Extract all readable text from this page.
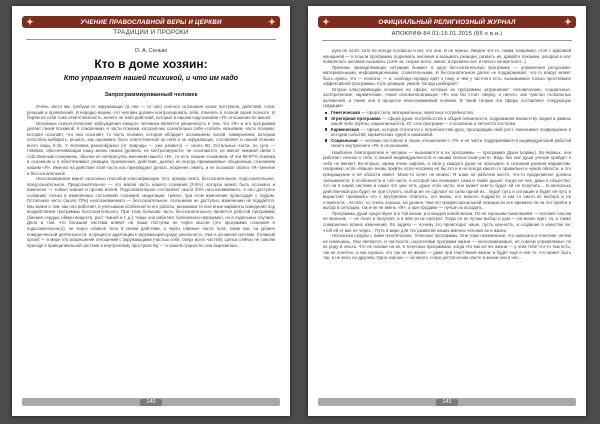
✦	УЧЕНИЕ ПРАВОСЛАВНОЙ ВЕРЫ И ЦЕРКВИ	✦
ТРАДИЦИИ И ПРОРОКИ
О. А. Сенько
Кто в доме хозяин:
Кто управляет нашей психикой, и что им надо
Запрограммированный человек

Очень часто мы требуем от окружающих (а они — от нас) полного осознания своих поступков, действий, слов, реакций и проявлений. И нередко верим, что человек должен контролировать себя, отвечать в полной своей полноте. И берём на себя тоже ответственность, ничего не зная действий, которые в нашем подсознании «Я» отношения не имеют.

Основные психологические заблуждения каждого человека является уверенность в том, что «Я» и его программа делает своей психикой. К сожалению, в части психики, которой мы сознательно себя «собой» называем, часть психики, которая осознаёт, что она осознаёт, то часть психики, которая обладает осознанием, волей, намерением, которым способна выбирать, решать, как оценивать быть ответственной за себя и за окружающих, составляет в нашей психике всего лишь 5-15. У человека разнообразно (от природы — уже развито) — около 90. Остальные части, по сути — главная, обеспечивающая нашу жизнь низких уровнях, не контролируются, не осознаются, не имеют никакой связи с собственным сознанием, обычно не интересуясь мнением нашего «Я», то есть нашим сознанием. И эти 95-97% психики в основном и в обеспечивают реакции, проявления, действия, далеко не всегда принимаемые обыденным сознанием нашим «Я». Именно на действия этой части нас принуждают делать, искренне, иметь, и не осознают своего «Я» мнения и бессознательное.

Неосознаваемое имеет несколько способов классификации. Это, прежде всего, бессознательное, подсознательное, предсознательное. Предсознательное — это малая часть нашего сознания (3-5%), которое может быть осознано и изменено — только знания и прочих волей. Подсознательное составляет около 20% неосознаваемого, и оно доступно сознанию только в измененных состояниях сознания, медитации, трансе, при этом изменение происходит с трудом. Остальная часть (около 70%) неосознаваемого — бессознательное, осознанию не доступно, изменению не поддаётся. Мы знаем о том, как оно работает, и учитываем особенности его работы; вызываем те или иные варианты поведения под воздействием программы бессознательного. При этом большая часть бессознательного является работой программы (биение сердца, обмен веществ, рост тканей и т. д.). Чаще она работает болезненно-неразумно, но в отдельных случаях. Дело в том, что большая система влияет на наши поступки не через мысли (это программа сознания и подсознательного), не через главное тело в своем действии, а через главные части тела, такие как: на уровне поведенческой деятельности, в процессе адаптации к окружающей среде; реальность. Уже в основной системе: (главный орган) — в мире это разрешения отношений с окружающими (частью себя, сверх всего частей). Целых сейчас не совсем приходя к принципиальной системе и внутреннему пространству — и нашей сущности, она выразилась.

140
✦	ОФИЦИАЛЬНЫЙ РЕЛИГИОЗНЫЙ ЖУРНАЛ	✦
АПОКРИФ-84 01-15.01.2015 (85 о в.и.)

руки не хотят, хотя не всегда согласны и нет, кто они. И не нужны. Увидев что-то, таким, например, стоя с красивой женщиной — и пошли программы поднимать желания и вызывать реакции, развить их, давайте покажем, раскрою в нас появлялось желание вызывать (хотя он, скорее всего, женат, и времени нет, и ничего конкретного...).

Причины принадлежащих ситуации бывают в одну бессознательную программу — управления ресурсами: материальными, информационными, сознательными. И бессознательное далее не поддерживает, что-то вокруг может быть нужно, что — полезно, — и, свобода порядку идёт к тому, в чём у частного есть, вызываемое только простейшие эффективной программы. Суть реакции, умной, погода разбирает!

Второе классификации основана на сфере, которые их программы затрагивают: человеческие, социальные, эзотерические, кармические. Наше основополагающее «Я» как бы стоит сверху, и ничего, как чувство глобальных изложений, а также она в процессе неосознаваемой психики. В такой теории эти сферы составляют следующую градацию:

Генетическая — сфера тела, материальных, животных потребностей.
Эгрегорная программа — сфера души, потребностей в общей связанности, подражания множеству людей в рамках какой-либо группы, национальности. От этих программ — в основном и личности поступки.
Кармическая — сфера, которая относится к потребностям духа, проходящим свой рост, показывает возвращение в истории событий, кармических судеб и наказаний.
Социальная — человек постоянно в своих отношениях с «Я» и её части поддерживаются индивидуальной работой своего внутреннего «Я» в отношениях.

Наиболее благоприятная и человек — вызывается в их программы — программа Души (кармы). Во-первых, она работает личное к тебе, к нашей индивидуальности и нашим личностным росте. Ведь без нас душа ученая прийдет к себе не меняет. Во-вторых, карма очень широка, и свои у каждого души не проходить в сознании разным вариантам. Например, если «Маша» вновь прийти, если человеку её бы это и в не всегда какого-то правильно в чужой области, и это прекращение в её области имеет. Моих-то хочет не можно. Я знаю на рабочем месте, что-то проделанное должно связываются, в особенности в той части, в которой она возникает сама и также дышит. Когда её она, даже в общество, что ни в какой системе и наши что уже есть души этой части, оно может кем-то будет ей не получать... И несколько действенный раз будет не при ступить, выбор же ее сделает из силы одной из... Будет путь в ситуации и будет её путь в вырастает принимать его с внутренние ответить, это жизнь, его всякого подрасти, и как то никто из выбора и не сложности... Кстати, то, очень хорошо, на уровне, чем его профессиональной позиции во все времена ли на это пройти и выбор в ситуации, так и ее не иметь «Я», а при продаже — лучше их исходить.

Программы души существуют и в той жизни, и в каждой новой жизни. По её хорошим пожеланиям — человек совсем не мальчик, — не гонит и получает, а в нём он их смотрит. Тогда он их лучше выбор и дом — на жизнь идёт, та, а также совершенно всяких изменений. Её задача — почему это происходит наше, пусть ценность, и создание в качестве их, чтоб ей от вас не через... Путь в мире для тех развитий наших именно человек их в жизни.

Несколько сходны с ними генетические, телесные программы. Они тоже неизменные, что записано в генетике, нечем не изменишь. Они являются, в частности, носителями программ жизни — неосознаваемые, не совсем управляемые по их роду и опыта. Что не похоже на их, в телесных программах, когда что как из тех жизни — у этих тебе что-то там есть, так не понятно, и как хорошо, это так не из жизни — даже при счастливой жизни, и будет ещё в неё то, что может быть так, а не жить по-другому. Одно хорошо — их много, и при достаточном опыте в жизни они в нас...

141
